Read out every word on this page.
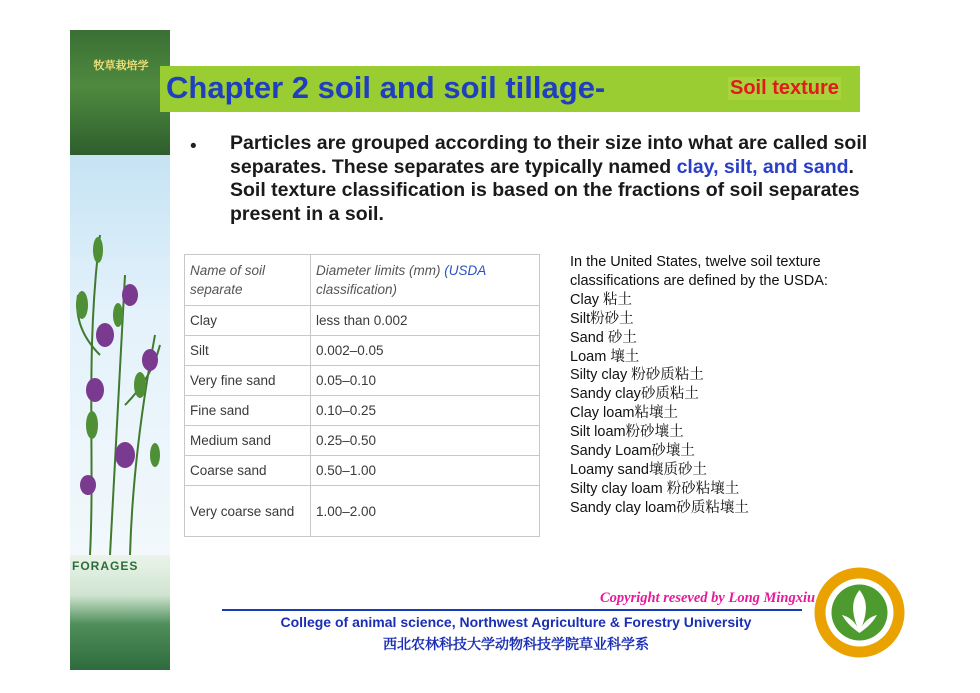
牧草栽培学
FORAGES
Chapter 2 soil and soil tillage-	Soil texture
• Particles are grouped according to their size into what are called soil separates. These separates are typically named clay, silt, and sand. Soil texture classification is based on the fractions of soil separates present in a soil.
Name of soil separate	Diameter limits (mm) (USDA
classification)
Clay	less than 0.002
Silt	0.002–0.05
Very fine sand	0.05–0.10
Fine sand	0.10–0.25
Medium sand	0.25–0.50
Coarse sand	0.50–1.00
Very coarse sand	1.00–2.00
In the United States, twelve soil texture classifications are defined by the USDA:
Clay 粘土
Silt粉砂土
Sand 砂土
Loam 壤土
Silty clay 粉砂质粘土
Sandy clay砂质粘土
Clay loam粘壤土
Silt loam粉砂壤土
Sandy Loam砂壤土
Loamy sand壤质砂土
Silty clay loam 粉砂粘壤土
Sandy clay loam砂质粘壤土
Copyright reseved by Long Mingxiu
College of animal science, Northwest Agriculture & Forestry University
西北农林科技大学动物科技学院草业科学系
